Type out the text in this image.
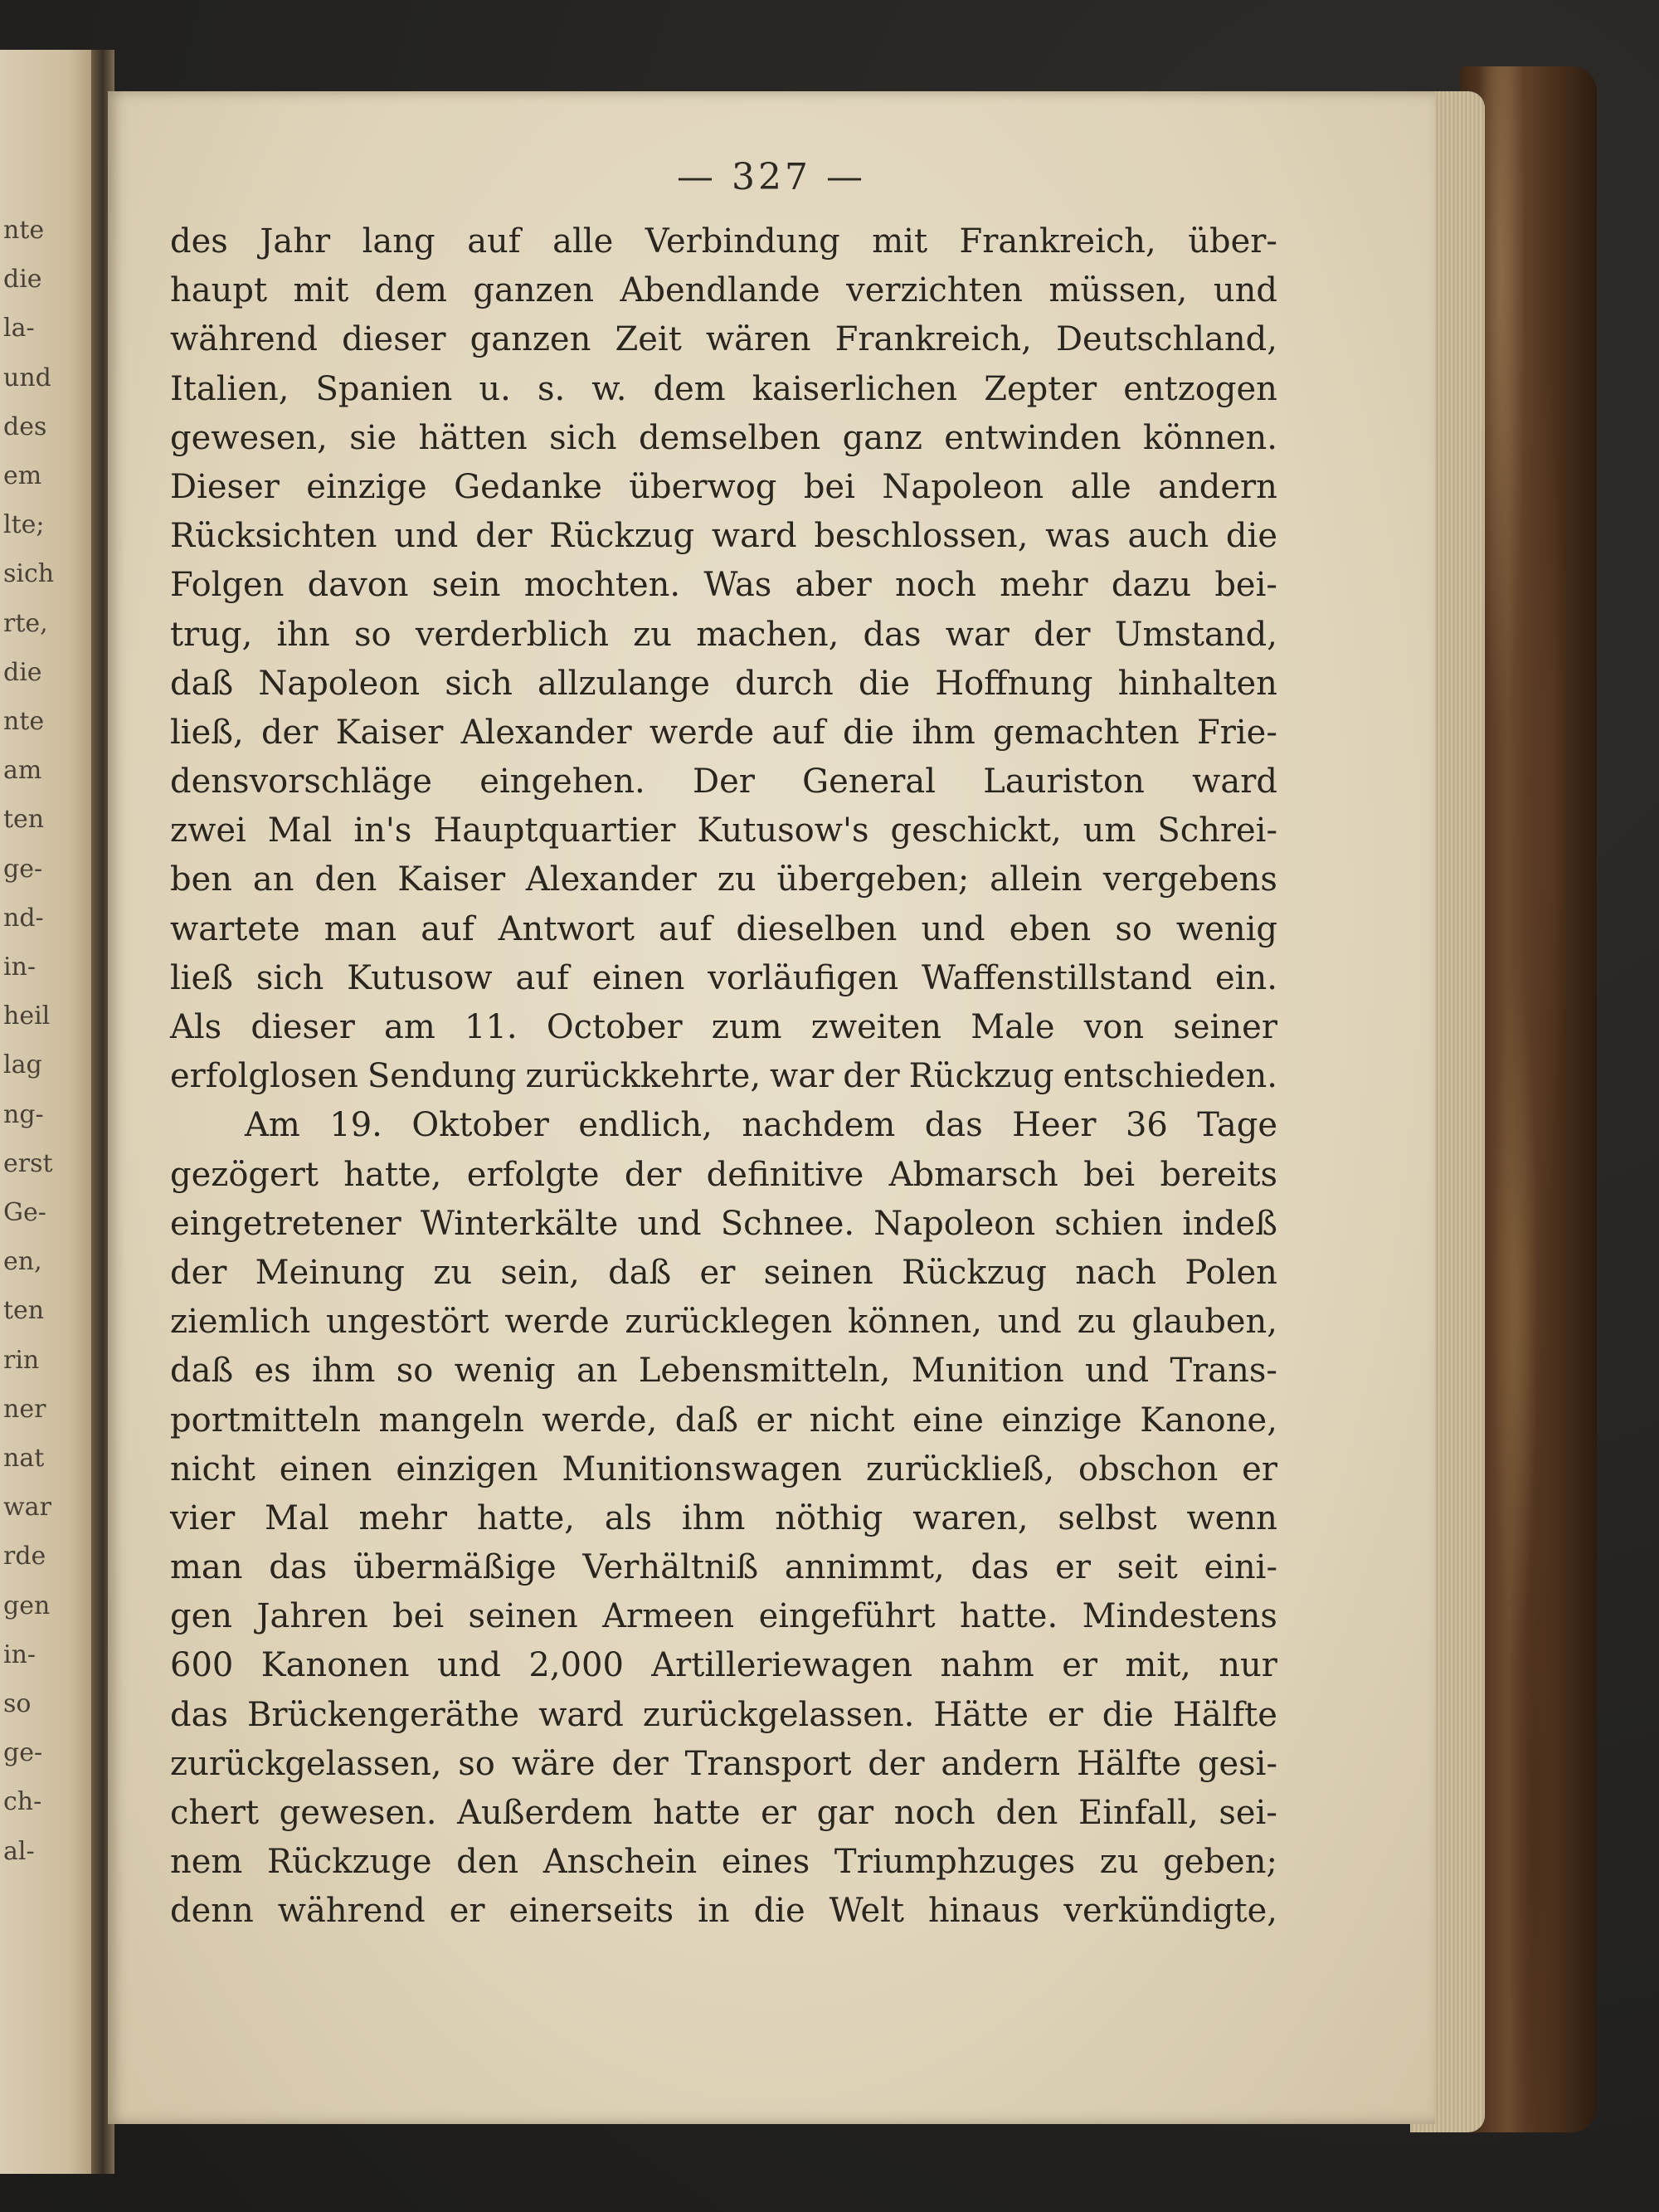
nte
die
la-
und
des
em
lte;
sich
rte,
die
nte
am
ten
ge-
nd-
in-
heil
lag
ng-
erst
Ge-
en,
ten
rin
ner
nat
war
rde
gen
in-
so
ge-
ch-
al-
— 327 —
des Jahr lang auf alle Verbindung mit Frankreich, über-
haupt mit dem ganzen Abendlande verzichten müssen, und
während dieser ganzen Zeit wären Frankreich, Deutschland,
Italien, Spanien u. s. w. dem kaiserlichen Zepter entzogen
gewesen, sie hätten sich demselben ganz entwinden können.
Dieser einzige Gedanke überwog bei Napoleon alle andern
Rücksichten und der Rückzug ward beschlossen, was auch die
Folgen davon sein mochten. Was aber noch mehr dazu bei-
trug, ihn so verderblich zu machen, das war der Umstand,
daß Napoleon sich allzulange durch die Hoffnung hinhalten
ließ, der Kaiser Alexander werde auf die ihm gemachten Frie-
densvorschläge eingehen. Der General Lauriston ward
zwei Mal in's Hauptquartier Kutusow's geschickt, um Schrei-
ben an den Kaiser Alexander zu übergeben; allein vergebens
wartete man auf Antwort auf dieselben und eben so wenig
ließ sich Kutusow auf einen vorläufigen Waffenstillstand ein.
Als dieser am 11. October zum zweiten Male von seiner
erfolglosen Sendung zurückkehrte, war der Rückzug entschieden.
Am 19. Oktober endlich, nachdem das Heer 36 Tage
gezögert hatte, erfolgte der definitive Abmarsch bei bereits
eingetretener Winterkälte und Schnee. Napoleon schien indeß
der Meinung zu sein, daß er seinen Rückzug nach Polen
ziemlich ungestört werde zurücklegen können, und zu glauben,
daß es ihm so wenig an Lebensmitteln, Munition und Trans-
portmitteln mangeln werde, daß er nicht eine einzige Kanone,
nicht einen einzigen Munitionswagen zurückließ, obschon er
vier Mal mehr hatte, als ihm nöthig waren, selbst wenn
man das übermäßige Verhältniß annimmt, das er seit eini-
gen Jahren bei seinen Armeen eingeführt hatte. Mindestens
600 Kanonen und 2,000 Artilleriewagen nahm er mit, nur
das Brückengeräthe ward zurückgelassen. Hätte er die Hälfte
zurückgelassen, so wäre der Transport der andern Hälfte gesi-
chert gewesen. Außerdem hatte er gar noch den Einfall, sei-
nem Rückzuge den Anschein eines Triumphzuges zu geben;
denn während er einerseits in die Welt hinaus verkündigte,
